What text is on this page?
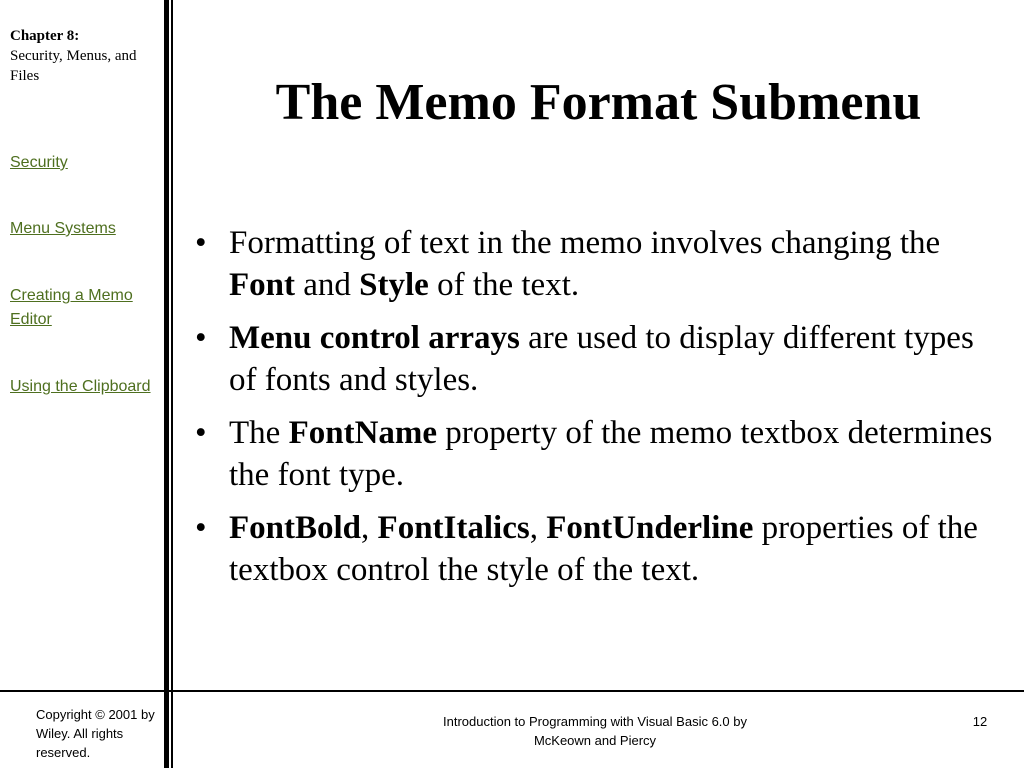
Chapter 8:
Security, Menus, and Files
Security
Menu Systems
Creating a Memo Editor
Using the Clipboard
The Memo Format Submenu
• Formatting of text in the memo involves changing the Font and Style of the text.
• Menu control arrays are used to display different types of fonts and styles.
• The FontName property of the memo textbox determines the font type.
• FontBold, FontItalics, FontUnderline properties of the textbox control the style of the text.
Copyright © 2001 by Wiley. All rights reserved.
Introduction to Programming with Visual Basic 6.0 by McKeown and Piercy
12
